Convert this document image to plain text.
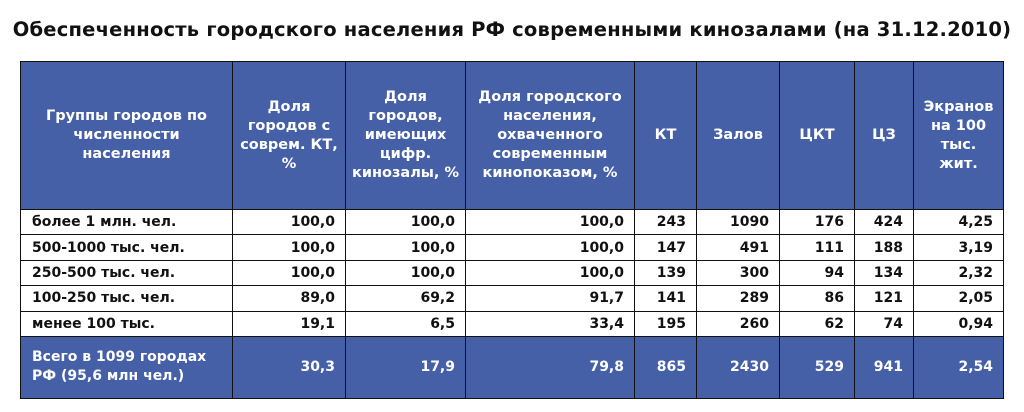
Обеспеченность городского населения РФ современными кинозалами (на 31.12.2010)
Группы городов по численности населения	Доля городов с соврем. КТ, %	Доля городов, имеющих цифр. кинозалы, %	Доля городского населения, охваченного современным кинопоказом, %	КТ	Залов	ЦКТ	ЦЗ	Экранов на 100 тыс. жит.
более 1 млн. чел.	100,0	100,0	100,0	243	1090	176	424	4,25
500-1000 тыс. чел.	100,0	100,0	100,0	147	491	111	188	3,19
250-500 тыс. чел.	100,0	100,0	100,0	139	300	94	134	2,32
100-250 тыс. чел.	89,0	69,2	91,7	141	289	86	121	2,05
менее 100 тыс.	19,1	6,5	33,4	195	260	62	74	0,94
Всего в 1099 городах РФ (95,6 млн чел.)	30,3	17,9	79,8	865	2430	529	941	2,54
